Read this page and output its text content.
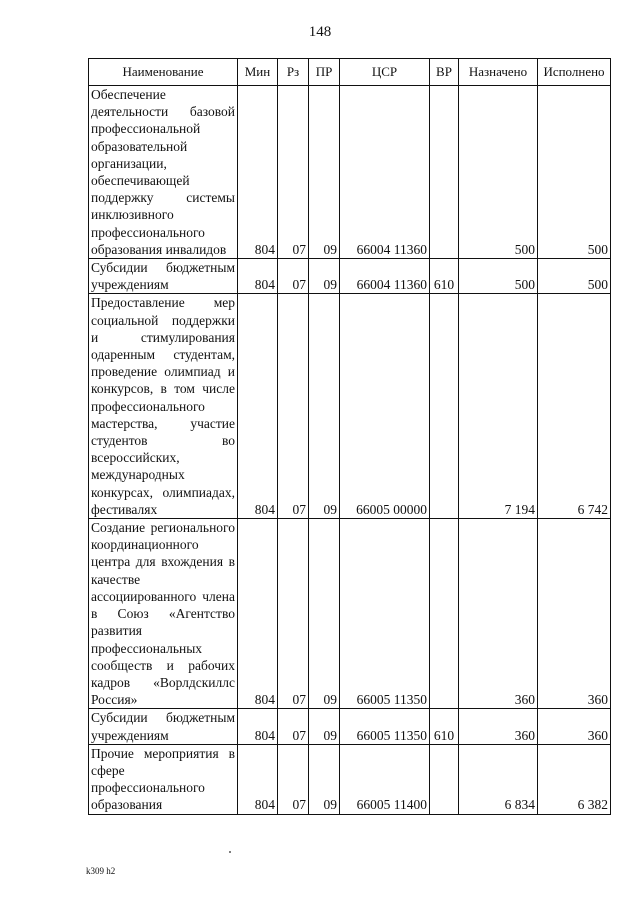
148
Наименование	Мин	Рз	ПР	ЦСР	ВР	Назначено	Исполнено
Обеспечение деятельности базовой профессиональной образовательной организации, обеспечивающей поддержку системы инклюзивного профессионального образования инвалидов	804	07	09	66004 11360		500	500
Субсидии бюджетным учреждениям	804	07	09	66004 11360	610	500	500
Предоставление мер социальной поддержки и стимулирования одаренным студентам, проведение олимпиад и конкурсов, в том числе профессионального мастерства, участие студентов во всероссийских, международных конкурсах, олимпиадах, фестивалях	804	07	09	66005 00000		7 194	6 742
Создание регионального координационного центра для вхождения в качестве ассоциированного члена в Союз «Агентство развития профессиональных сообществ и рабочих кадров «Ворлдскиллс Россия»	804	07	09	66005 11350		360	360
Субсидии бюджетным учреждениям	804	07	09	66005 11350	610	360	360
Прочие мероприятия в сфере профессионального образования	804	07	09	66005 11400		6 834	6 382
k309 h2
